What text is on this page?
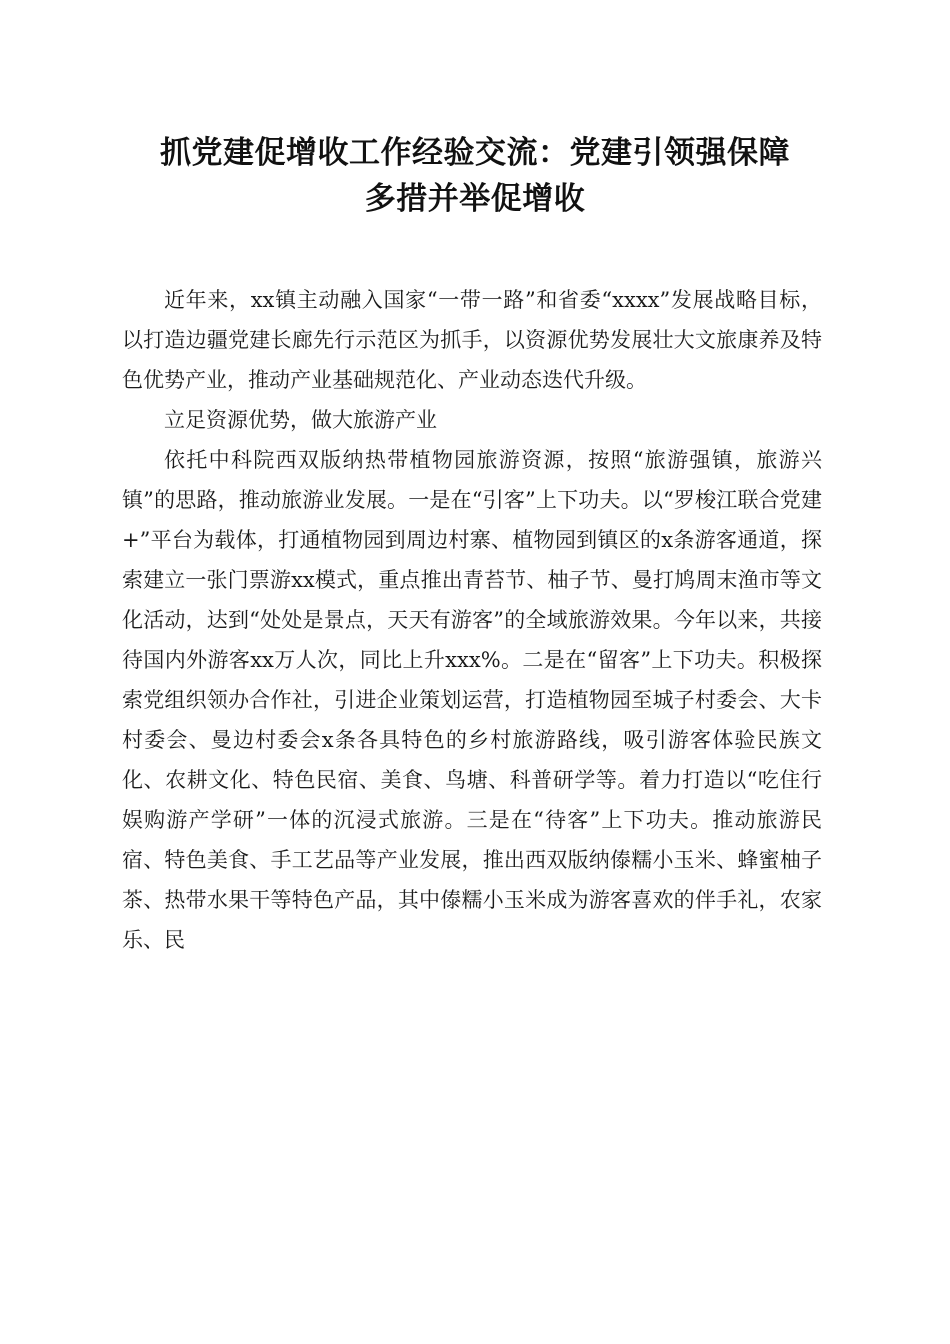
抓党建促增收工作经验交流：党建引领强保障
多措并举促增收

近年来，xx镇主动融入国家“一带一路”和省委“xxxx”发展战略目标，以打造边疆党建长廊先行示范区为抓手，以资源优势发展壮大文旅康养及特色优势产业，推动产业基础规范化、产业动态迭代升级。

立足资源优势，做大旅游产业

依托中科院西双版纳热带植物园旅游资源，按照“旅游强镇，旅游兴镇”的思路，推动旅游业发展。一是在“引客”上下功夫。以“罗梭江联合党建+”平台为载体，打通植物园到周边村寨、植物园到镇区的x条游客通道，探索建立一张门票游xx模式，重点推出青苔节、柚子节、曼打鸠周末渔市等文化活动，达到“处处是景点，天天有游客”的全域旅游效果。今年以来，共接待国内外游客xx万人次，同比上升xxx%。二是在“留客”上下功夫。积极探索党组织领办合作社，引进企业策划运营，打造植物园至城子村委会、大卡村委会、曼边村委会x条各具特色的乡村旅游路线，吸引游客体验民族文化、农耕文化、特色民宿、美食、鸟塘、科普研学等。着力打造以“吃住行娱购游产学研”一体的沉浸式旅游。三是在“待客”上下功夫。推动旅游民宿、特色美食、手工艺品等产业发展，推出西双版纳傣糯小玉米、蜂蜜柚子茶、热带水果干等特色产品，其中傣糯小玉米成为游客喜欢的伴手礼，农家乐、民
